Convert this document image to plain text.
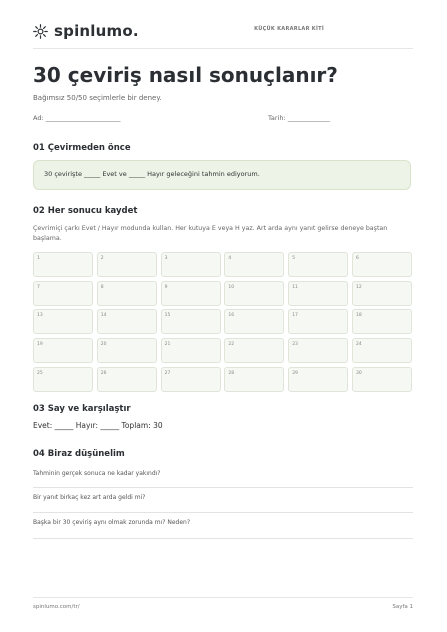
spinlumo.	KÜÇÜK KARARLAR KİTİ
30 çeviriş nasıl sonuçlanır?
Bağımsız 50/50 seçimlerle bir deney.
Ad: _______________________	Tarih: _____________
01 Çevirmeden önce
30 çevirişte _____ Evet ve _____ Hayır geleceğini tahmin ediyorum.
02 Her sonucu kaydet
Çevrimiçi çarkı Evet / Hayır modunda kullan. Her kutuya E veya H yaz. Art arda aynı yanıt gelirse deneye baştan başlama.
1	2	3	4	5	6
7	8	9	10	11	12
13	14	15	16	17	18
19	20	21	22	23	24
25	26	27	28	29	30
03 Say ve karşılaştır
Evet: _____ Hayır: _____ Toplam: 30
04 Biraz düşünelim
Tahminin gerçek sonuca ne kadar yakındı?
Bir yanıt birkaç kez art arda geldi mi?
Başka bir 30 çeviriş aynı olmak zorunda mı? Neden?
spinlumo.com/tr/	Sayfa 1
